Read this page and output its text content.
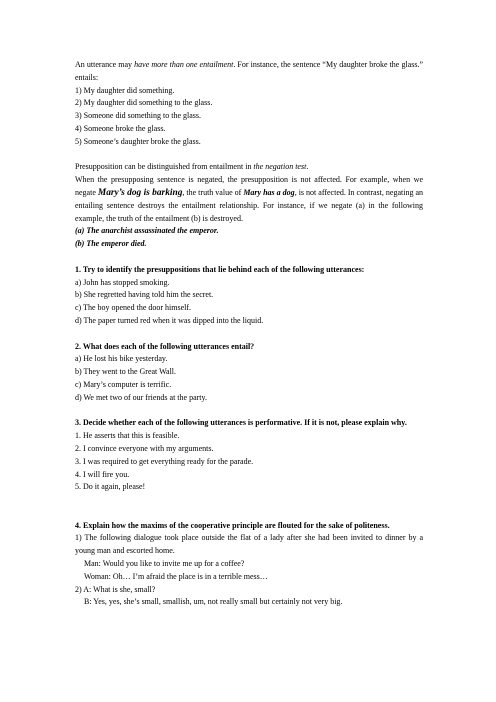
An utterance may have more than one entailment. For instance, the sentence “My daughter broke the glass.” entails:
1) My daughter did something.
2) My daughter did something to the glass.
3) Someone did something to the glass.
4) Someone broke the glass.
5) Someone’s daughter broke the glass.
Presupposition can be distinguished from entailment in the negation test.
When the presupposing sentence is negated, the presupposition is not affected. For example, when we negate Mary’s dog is barking, the truth value of Mary has a dog, is not affected. In contrast, negating an entailing sentence destroys the entailment relationship. For instance, if we negate (a) in the following example, the truth of the entailment (b) is destroyed.
(a) The anarchist assassinated the emperor.
(b) The emperor died.
1. Try to identify the presuppositions that lie behind each of the following utterances:
a) John has stopped smoking.
b) She regretted having told him the secret.
c) The boy opened the door himself.
d) The paper turned red when it was dipped into the liquid.
2. What does each of the following utterances entail?
a) He lost his bike yesterday.
b) They went to the Great Wall.
c) Mary’s computer is terrific.
d) We met two of our friends at the party.
3. Decide whether each of the following utterances is performative. If it is not, please explain why.
1. He asserts that this is feasible.
2. I convince everyone with my arguments.
3. I was required to get everything ready for the parade.
4. I will fire you.
5. Do it again, please!
4. Explain how the maxims of the cooperative principle are flouted for the sake of politeness.
1) The following dialogue took place outside the flat of a lady after she had been invited to dinner by a young man and escorted home.
Man: Would you like to invite me up for a coffee?
Woman: Oh… I’m afraid the place is in a terrible mess…
2) A: What is she, small?
B: Yes, yes, she’s small, smallish, um, not really small but certainly not very big.
